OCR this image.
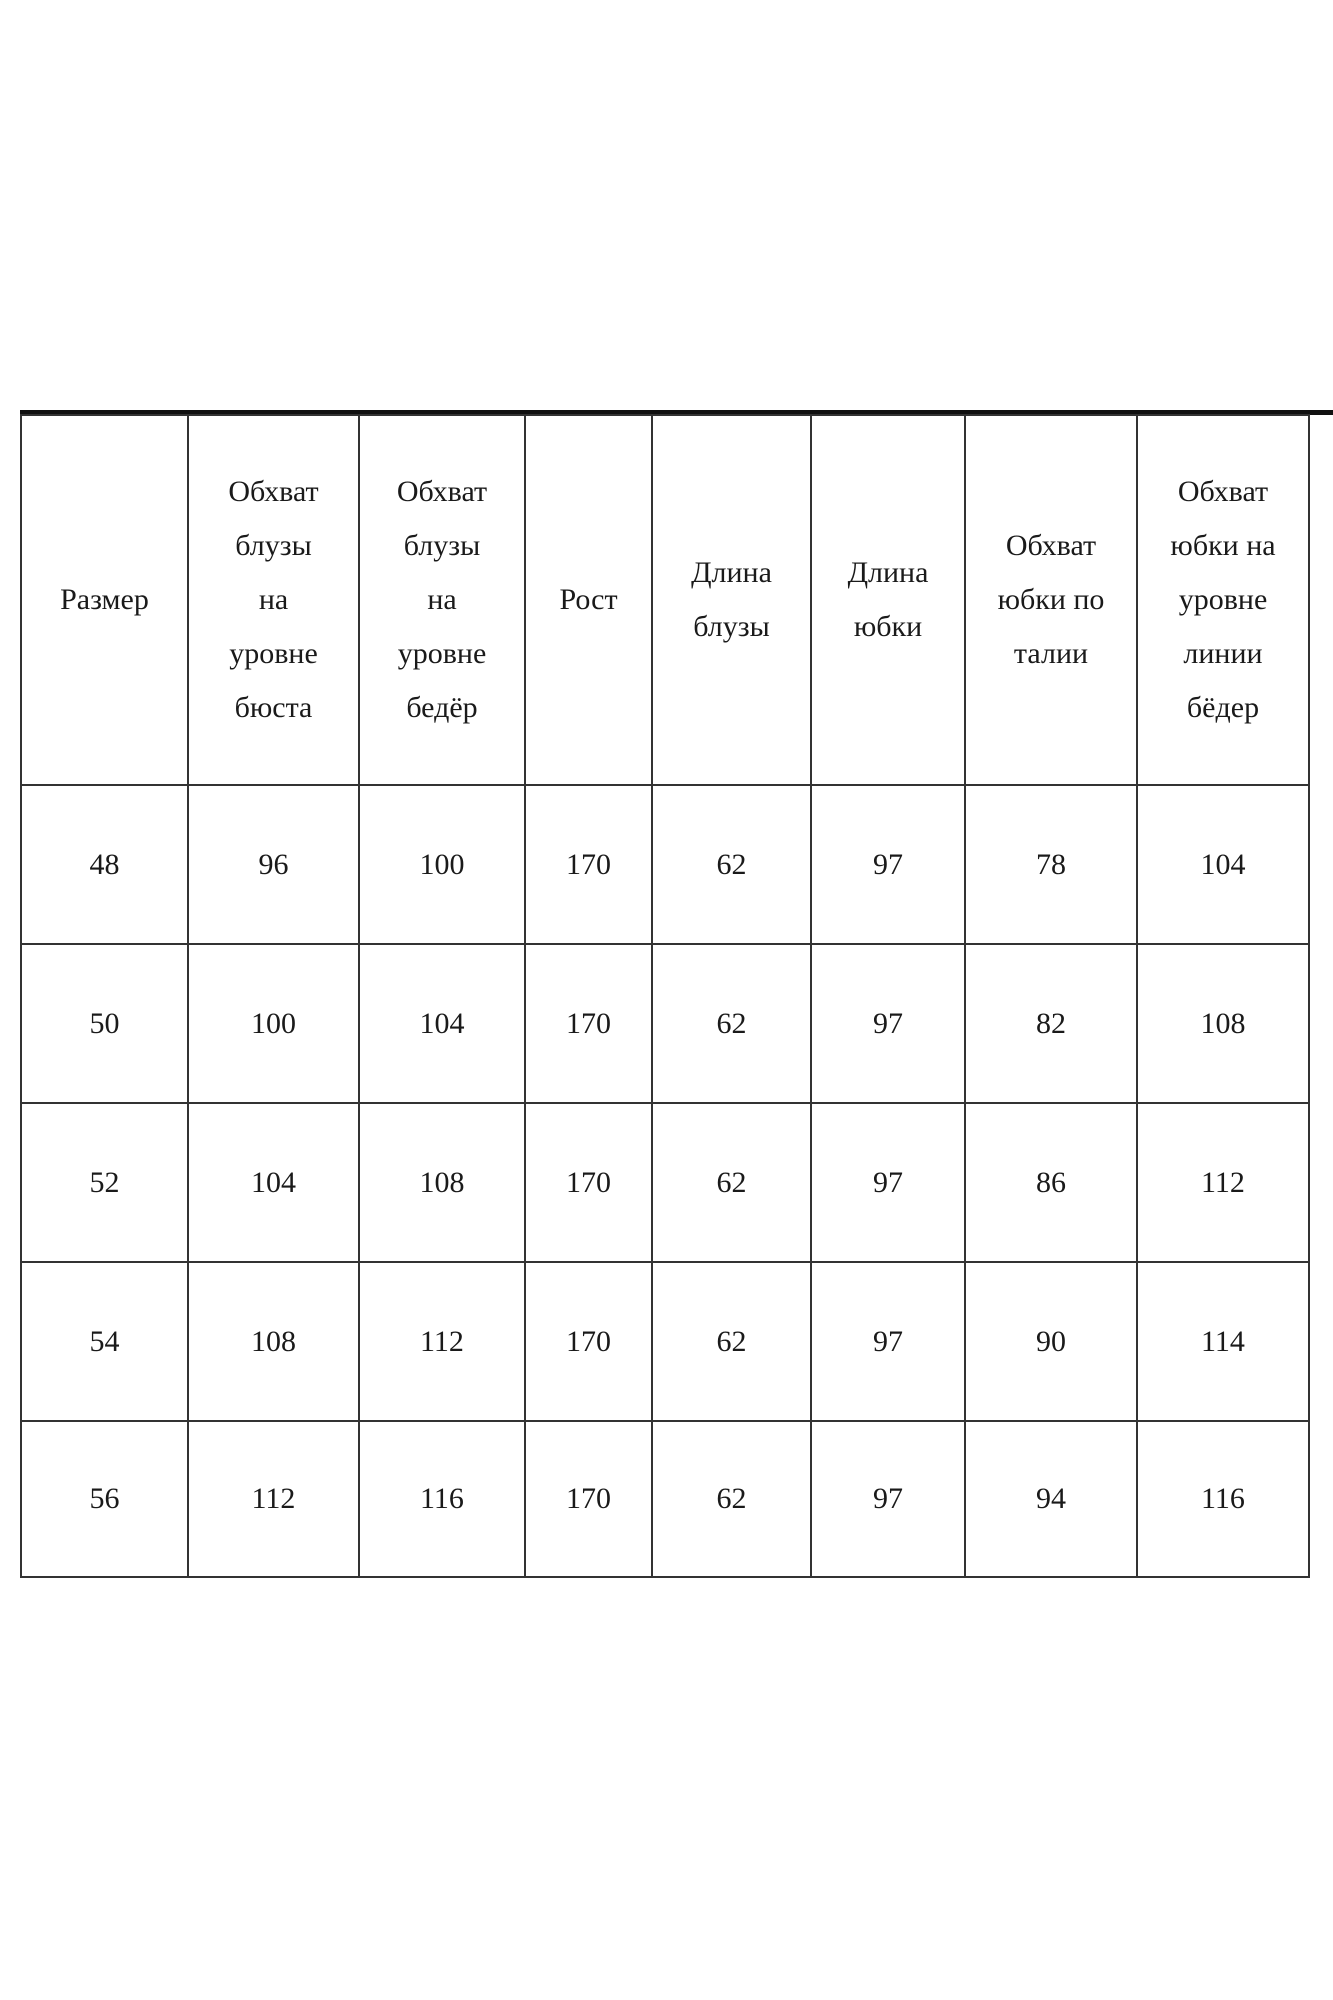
Размер	Обхват
блузы
на
уровне
бюста	Обхват
блузы
на
уровне
бедёр	Рост	Длина
блузы	Длина
юбки	Обхват
юбки по
талии	Обхват
юбки на
уровне
линии
бёдер
48	96	100	170	62	97	78	104
50	100	104	170	62	97	82	108
52	104	108	170	62	97	86	112
54	108	112	170	62	97	90	114
56	112	116	170	62	97	94	116
